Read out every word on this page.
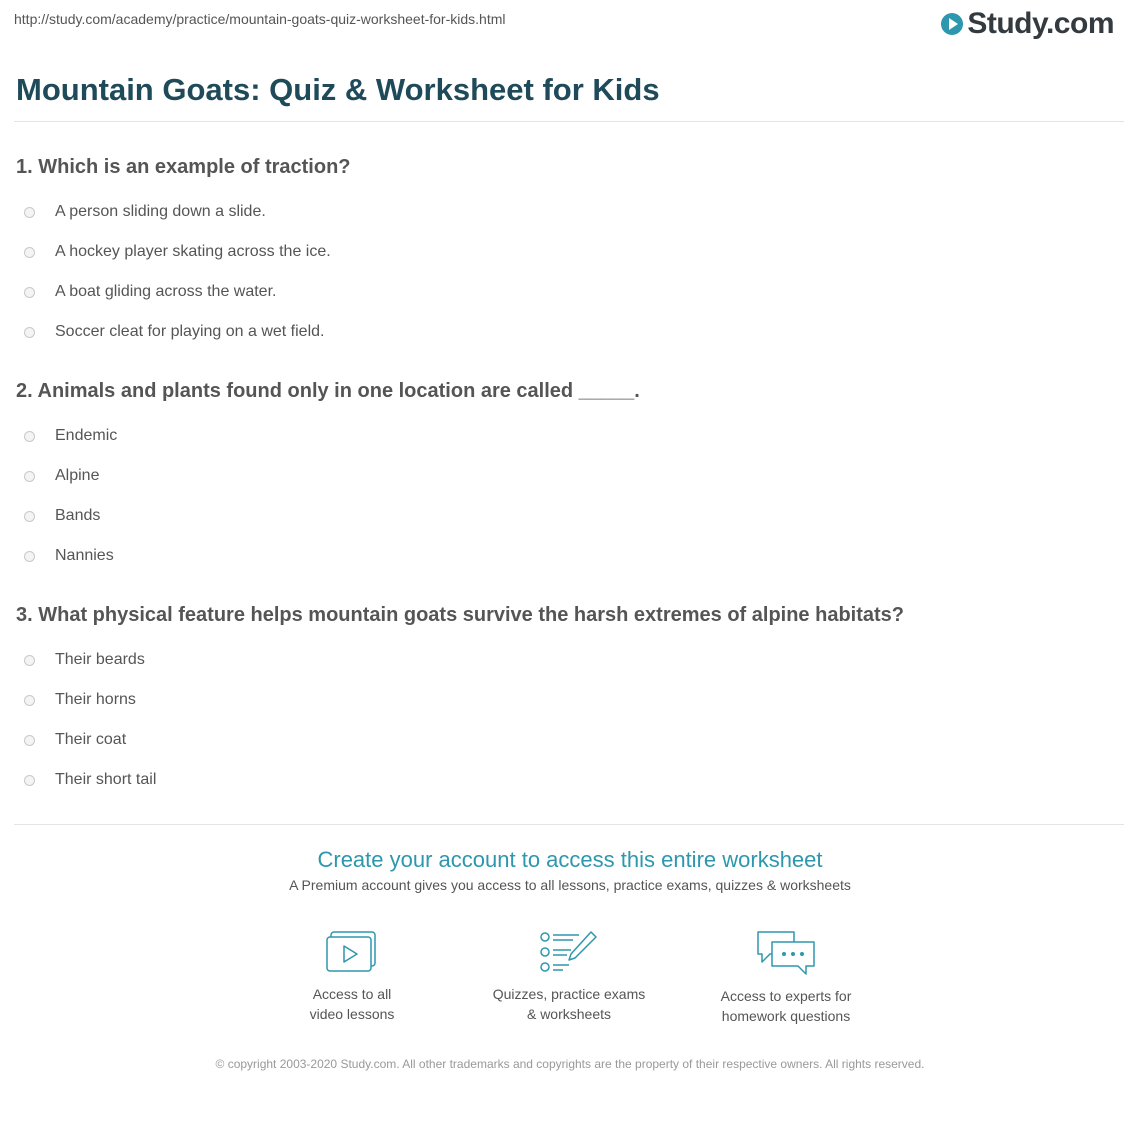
http://study.com/academy/practice/mountain-goats-quiz-worksheet-for-kids.html	Study.com
Mountain Goats: Quiz & Worksheet for Kids

1. Which is an example of traction?

A person sliding down a slide.
A hockey player skating across the ice.
A boat gliding across the water.
Soccer cleat for playing on a wet field.

2. Animals and plants found only in one location are called _____.

Endemic
Alpine
Bands
Nannies

3. What physical feature helps mountain goats survive the harsh extremes of alpine habitats?

Their beards
Their horns
Their coat
Their short tail
Create your account to access this entire worksheet
A Premium account gives you access to all lessons, practice exams, quizzes & worksheets
Access to all
video lessons
Quizzes, practice exams
& worksheets
Access to experts for
homework questions
© copyright 2003-2020 Study.com. All other trademarks and copyrights are the property of their respective owners. All rights reserved.
